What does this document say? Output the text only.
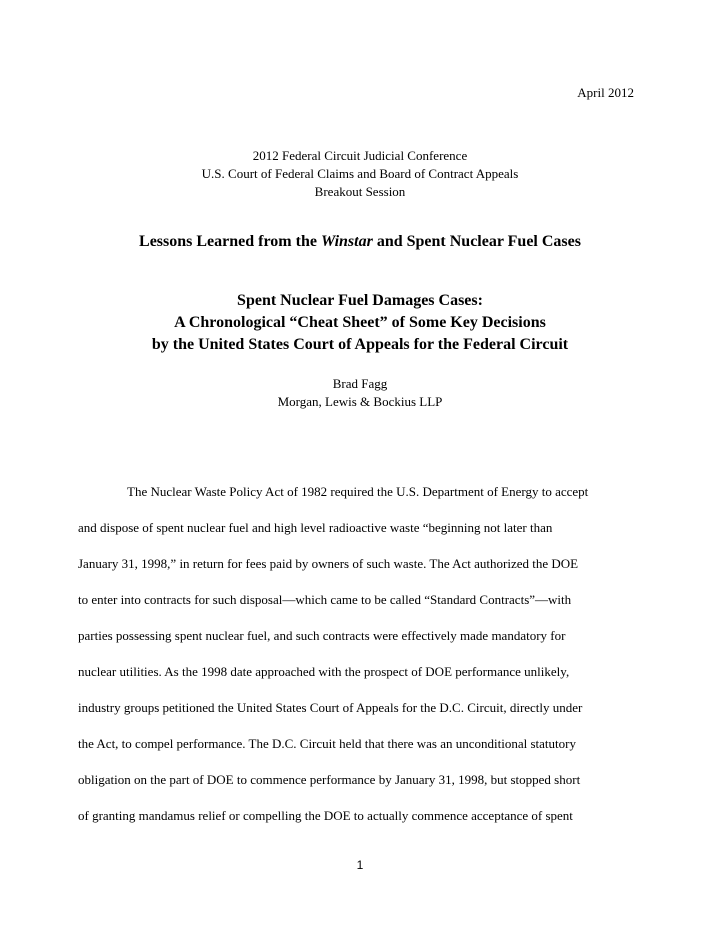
April 2012
2012 Federal Circuit Judicial Conference
U.S. Court of Federal Claims and Board of Contract Appeals
Breakout Session
Lessons Learned from the Winstar and Spent Nuclear Fuel Cases
Spent Nuclear Fuel Damages Cases:
A Chronological “Cheat Sheet” of Some Key Decisions
by the United States Court of Appeals for the Federal Circuit
Brad Fagg
Morgan, Lewis & Bockius LLP
The Nuclear Waste Policy Act of 1982 required the U.S. Department of Energy to accept
and dispose of spent nuclear fuel and high level radioactive waste “beginning not later than
January 31, 1998,” in return for fees paid by owners of such waste. The Act authorized the DOE
to enter into contracts for such disposal—which came to be called “Standard Contracts”—with
parties possessing spent nuclear fuel, and such contracts were effectively made mandatory for
nuclear utilities. As the 1998 date approached with the prospect of DOE performance unlikely,
industry groups petitioned the United States Court of Appeals for the D.C. Circuit, directly under
the Act, to compel performance. The D.C. Circuit held that there was an unconditional statutory
obligation on the part of DOE to commence performance by January 31, 1998, but stopped short
of granting mandamus relief or compelling the DOE to actually commence acceptance of spent
1
